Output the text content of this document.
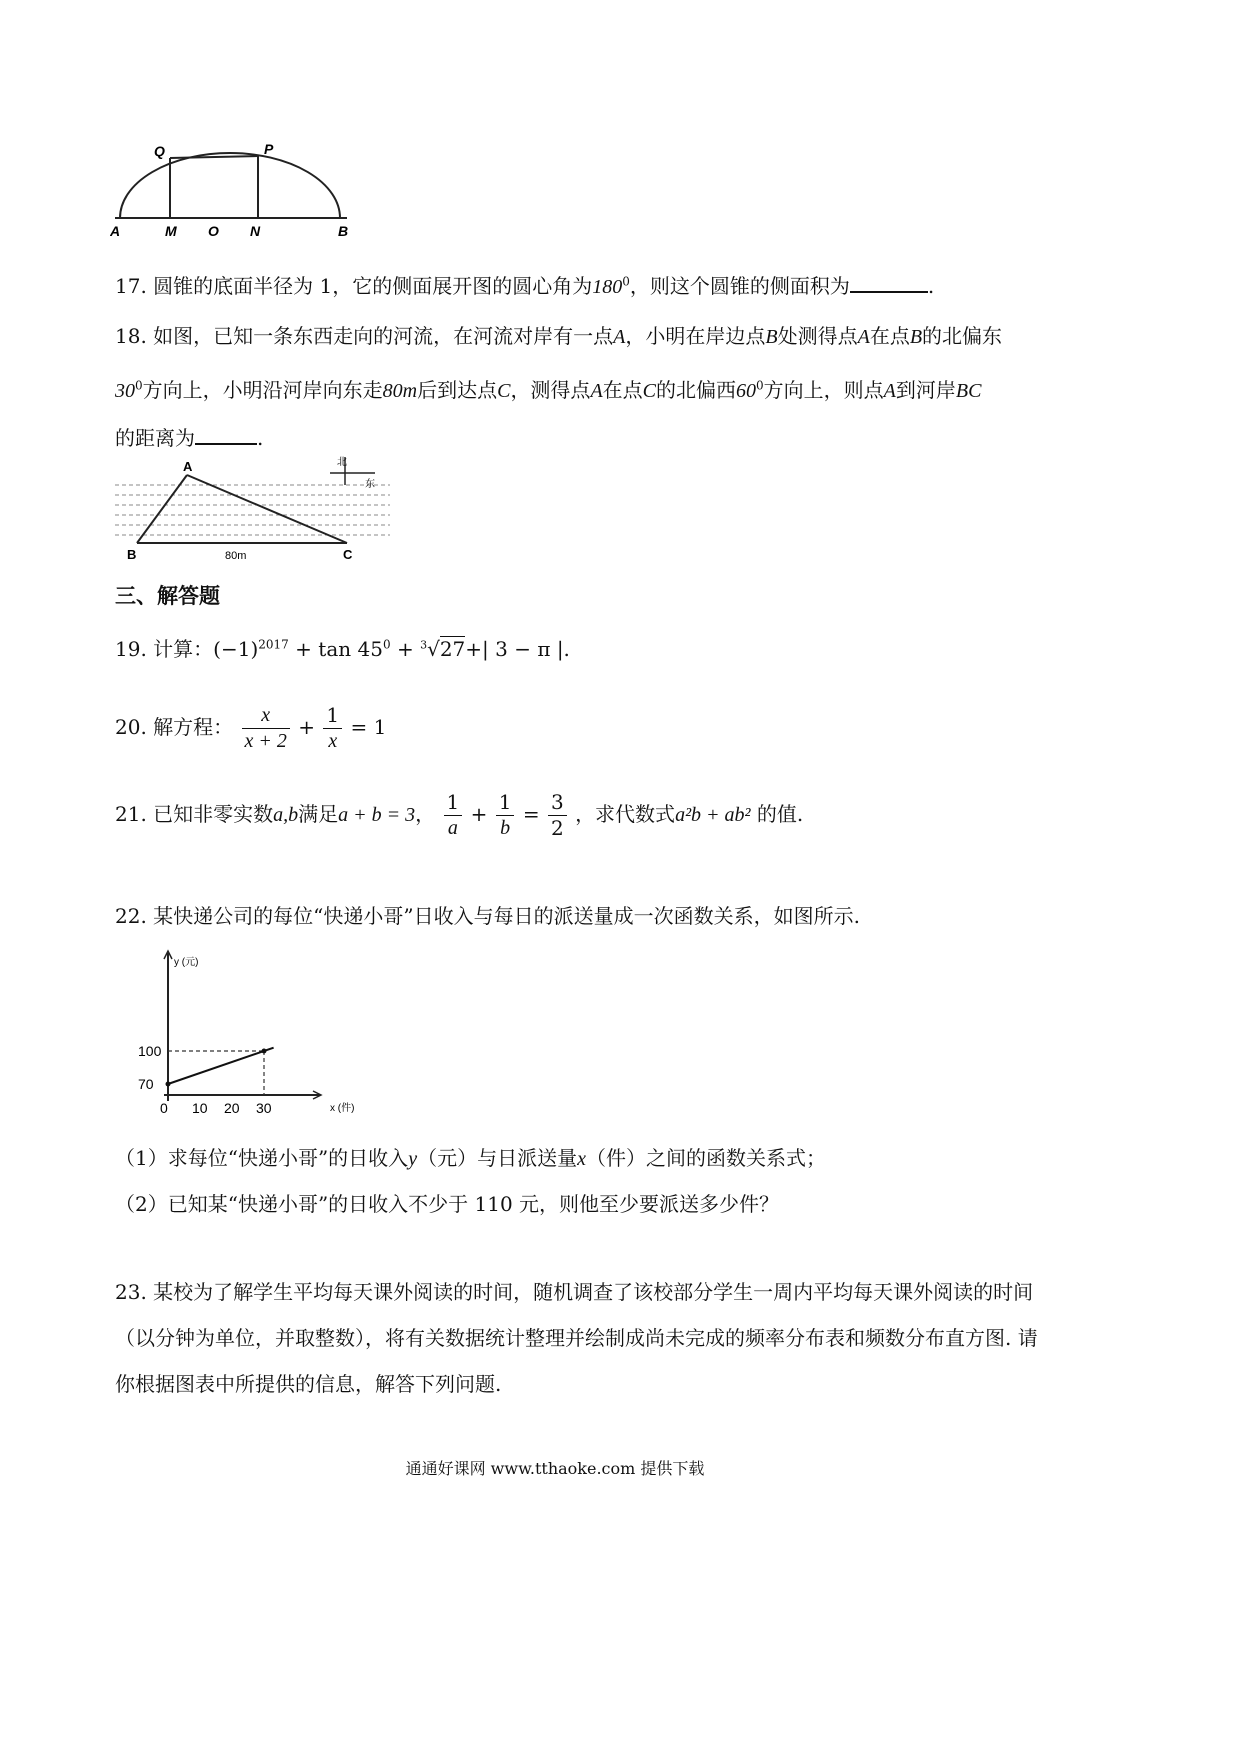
Q	P
A	M O N	B
17. 圆锥的底面半径为 1，它的侧面展开图的圆心角为$180^0$，则这个圆锥的侧面积为	.
18. 如图，已知一条东西走向的河流，在河流对岸有一点A，小明在岸边点B处测得点A在点B的北偏东
$30^0$方向上，小明沿河岸向东走80m后到达点C，测得点A在点C的北偏西$60^0$方向上，则点A到河岸BC
的距离为	.
A
B	C
北
东
80m
三、解答题
19. 计算：$(-1)^{2017} + \tan 45^0 + ^3√27+|$ 3 − π |.
20. 解方程： $\frac{x}{x + 2} + \frac{1}{x} = 1$
21. 已知非零实数a,b满足a + b = 3， $\frac{1}{a} + \frac{1}{b} = \frac{3}{2}$ ，求代数式a²b + ab² 的值.
22. 某快递公司的每位“快递小哥”日收入与每日的派送量成一次函数关系，如图所示.
y (元)
x (件)
0 10 20 30
70
100
（1）求每位“快递小哥”的日收入y（元）与日派送量x（件）之间的函数关系式；
（2）已知某“快递小哥”的日收入不少于 110 元，则他至少要派送多少件？
23. 某校为了解学生平均每天课外阅读的时间，随机调查了该校部分学生一周内平均每天课外阅读的时间
（以分钟为单位，并取整数），将有关数据统计整理并绘制成尚未完成的频率分布表和频数分布直方图. 请
你根据图表中所提供的信息，解答下列问题.
通通好课网 www.tthaoke.com 提供下载
